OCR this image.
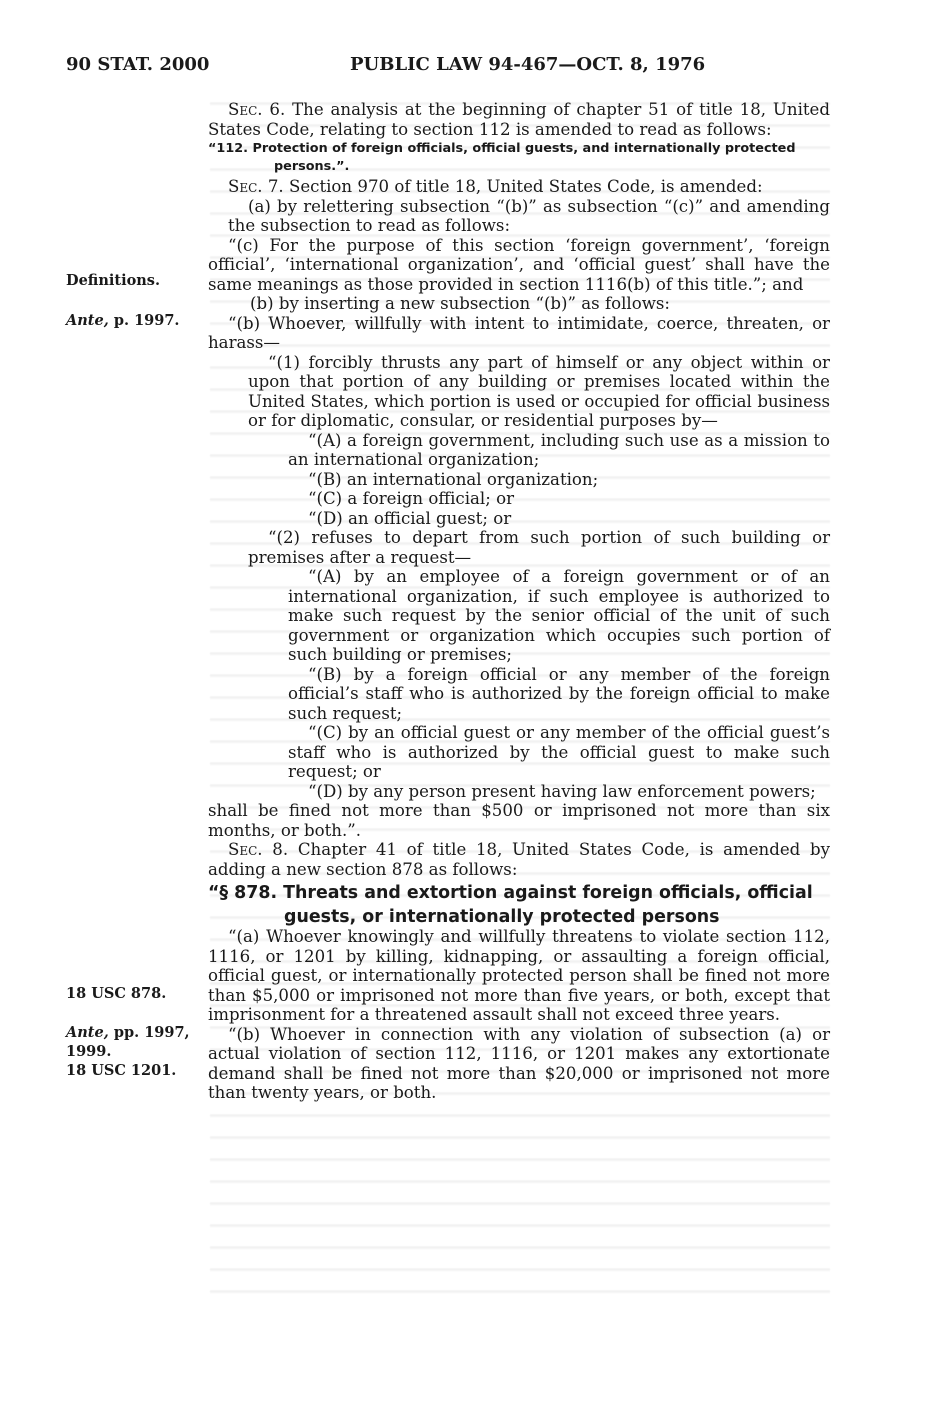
90 STAT. 2000	PUBLIC LAW 94-467—OCT. 8, 1976
Definitions.
Ante, p. 1997.
18 USC 878.
Ante, pp. 1997,
1999.
18 USC 1201.

Sec. 6. The analysis at the beginning of chapter 51 of title 18, United States Code, relating to section 112 is amended to read as follows:

“112. Protection of foreign officials, official guests, and internationally protected
persons.”.

Sec. 7. Section 970 of title 18, United States Code, is amended:

(a) by relettering subsection “(b)” as subsection “(c)” and amending the subsection to read as follows:

“(c) For the purpose of this section ‘foreign government’, ‘foreign official’, ‘international organization’, and ‘official guest’ shall have the same meanings as those provided in section 1116(b) of this title.”; and

(b) by inserting a new subsection “(b)” as follows:

“(b) Whoever, willfully with intent to intimidate, coerce, threaten, or harass—

“(1) forcibly thrusts any part of himself or any object within or upon that portion of any building or premises located within the United States, which portion is used or occupied for official business or for diplomatic, consular, or residential purposes by—

“(A) a foreign government, including such use as a mission to an international organization;

“(B) an international organization;

“(C) a foreign official; or

“(D) an official guest; or

“(2) refuses to depart from such portion of such building or premises after a request—

“(A) by an employee of a foreign government or of an international organization, if such employee is authorized to make such request by the senior official of the unit of such government or organization which occupies such portion of such building or premises;

“(B) by a foreign official or any member of the foreign official’s staff who is authorized by the foreign official to make such request;

“(C) by an official guest or any member of the official guest’s staff who is authorized by the official guest to make such request; or

“(D) by any person present having law enforcement powers;

shall be fined not more than $500 or imprisoned not more than six months, or both.”.

Sec. 8. Chapter 41 of title 18, United States Code, is amended by adding a new section 878 as follows:

“§ 878. Threats and extortion against foreign officials, official
guests, or internationally protected persons

“(a) Whoever knowingly and willfully threatens to violate section 112, 1116, or 1201 by killing, kidnapping, or assaulting a foreign official, official guest, or internationally protected person shall be fined not more than $5,000 or imprisoned not more than five years, or both, except that imprisonment for a threatened assault shall not exceed three years.

“(b) Whoever in connection with any violation of subsection (a) or actual violation of section 112, 1116, or 1201 makes any extortionate demand shall be fined not more than $20,000 or imprisoned not more than twenty years, or both.
